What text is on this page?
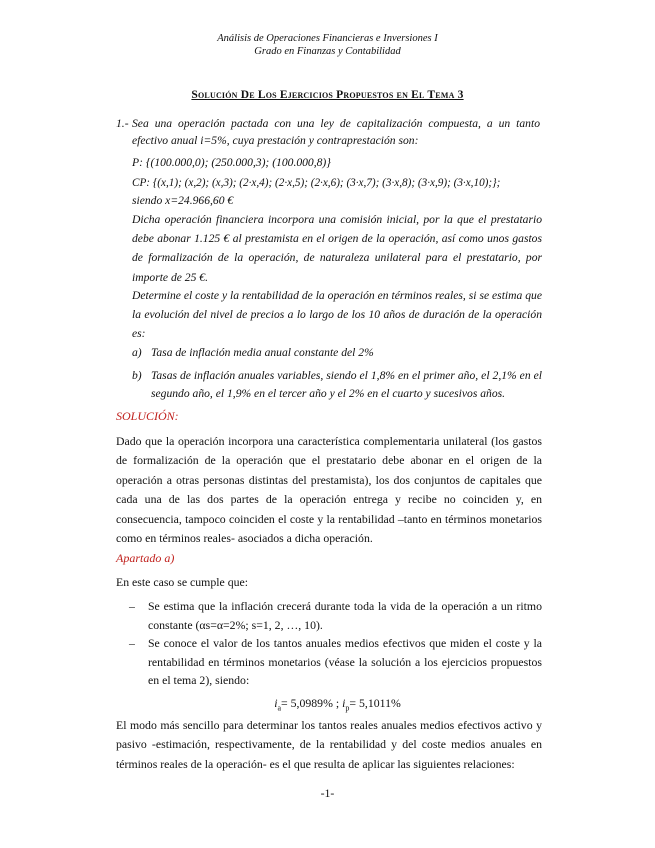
Análisis de Operaciones Financieras e Inversiones I
Grado en Finanzas y Contabilidad
Solución De Los Ejercicios Propuestos en El Tema 3
1.- Sea una operación pactada con una ley de capitalización compuesta, a un tanto efectivo anual i=5%, cuya prestación y contraprestación son:
P: {(100.000,0); (250.000,3); (100.000,8)}
CP: {(x,1); (x,2); (x,3); (2·x,4); (2·x,5); (2·x,6); (3·x,7); (3·x,8); (3·x,9); (3·x,10);};
siendo x=24.966,60 €
Dicha operación financiera incorpora una comisión inicial, por la que el prestatario debe abonar 1.125 € al prestamista en el origen de la operación, así como unos gastos de formalización de la operación, de naturaleza unilateral para el prestatario, por importe de 25 €.
Determine el coste y la rentabilidad de la operación en términos reales, si se estima que la evolución del nivel de precios a lo largo de los 10 años de duración de la operación es:
a) Tasa de inflación media anual constante del 2%
b) Tasas de inflación anuales variables, siendo el 1,8% en el primer año, el 2,1% en el segundo año, el 1,9% en el tercer año y el 2% en el cuarto y sucesivos años.
SOLUCIÓN:
Dado que la operación incorpora una característica complementaria unilateral (los gastos de formalización de la operación que el prestatario debe abonar en el origen de la operación a otras personas distintas del prestamista), los dos conjuntos de capitales que cada una de las dos partes de la operación entrega y recibe no coinciden y, en consecuencia, tampoco coinciden el coste y la rentabilidad –tanto en términos monetarios como en términos reales- asociados a dicha operación.
Apartado a)
En este caso se cumple que:
– Se estima que la inflación crecerá durante toda la vida de la operación a un ritmo constante (αs=α=2%; s=1, 2, …, 10).
– Se conoce el valor de los tantos anuales medios efectivos que miden el coste y la rentabilidad en términos monetarios (véase la solución a los ejercicios propuestos en el tema 2), siendo:
$i_a= 5,0989\%$ ; $i_p= 5,1011\%$
El modo más sencillo para determinar los tantos reales anuales medios efectivos activo y pasivo -estimación, respectivamente, de la rentabilidad y del coste medios anuales en términos reales de la operación- es el que resulta de aplicar las siguientes relaciones:
-1-
